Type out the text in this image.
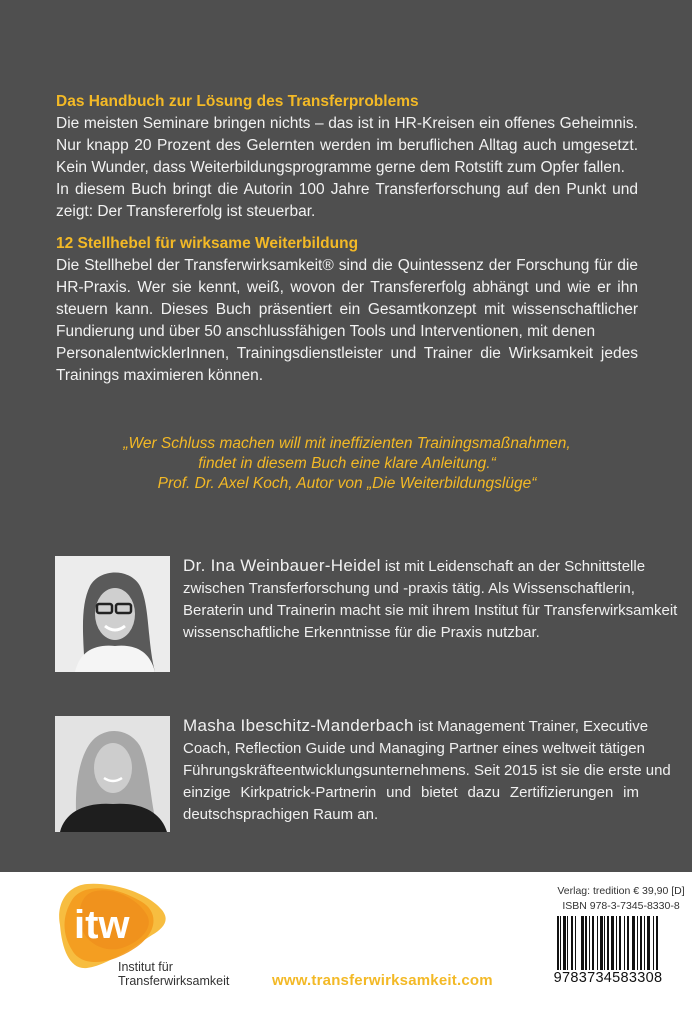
Das Handbuch zur Lösung des Transferproblems
Die meisten Seminare bringen nichts – das ist in HR-Kreisen ein offenes Geheimnis.
Nur knapp 20 Prozent des Gelernten werden im beruflichen Alltag auch umgesetzt.
Kein Wunder, dass Weiterbildungsprogramme gerne dem Rotstift zum Opfer fallen.
In diesem Buch bringt die Autorin 100 Jahre Transferforschung auf den Punkt und
zeigt: Der Transfererfolg ist steuerbar.
12 Stellhebel für wirksame Weiterbildung
Die Stellhebel der Transferwirksamkeit® sind die Quintessenz der Forschung für die
HR-Praxis. Wer sie kennt, weiß, wovon der Transfererfolg abhängt und wie er ihn
steuern kann. Dieses Buch präsentiert ein Gesamtkonzept mit wissenschaftlicher
Fundierung und über 50 anschlussfähigen Tools und Interventionen, mit denen
PersonalentwicklerInnen, Trainingsdienstleister und Trainer die Wirksamkeit jedes
Trainings maximieren können.
„Wer Schluss machen will mit ineffizienten Trainingsmaßnahmen,
findet in diesem Buch eine klare Anleitung.“
Prof. Dr. Axel Koch, Autor von „Die Weiterbildungslüge“
Dr. Ina Weinbauer-Heidel ist mit Leidenschaft an der Schnittstelle
zwischen Transferforschung und -praxis tätig. Als Wissenschaftlerin,
Beraterin und Trainerin macht sie mit ihrem Institut für Transferwirksamkeit
wissenschaftliche Erkenntnisse für die Praxis nutzbar.
Masha Ibeschitz-Manderbach ist Management Trainer, Executive
Coach, Reflection Guide und Managing Partner eines weltweit tätigen
Führungskräfteentwicklungsunternehmens. Seit 2015 ist sie die erste und
einzige Kirkpatrick-Partnerin und bietet dazu Zertifizierungen im
deutschsprachigen Raum an.
itw
Institut für
Transferwirksamkeit	www.transferwirksamkeit.com
Verlag: tredition € 39,90 [D]
ISBN 978-3-7345-8330-8
9783734583308
